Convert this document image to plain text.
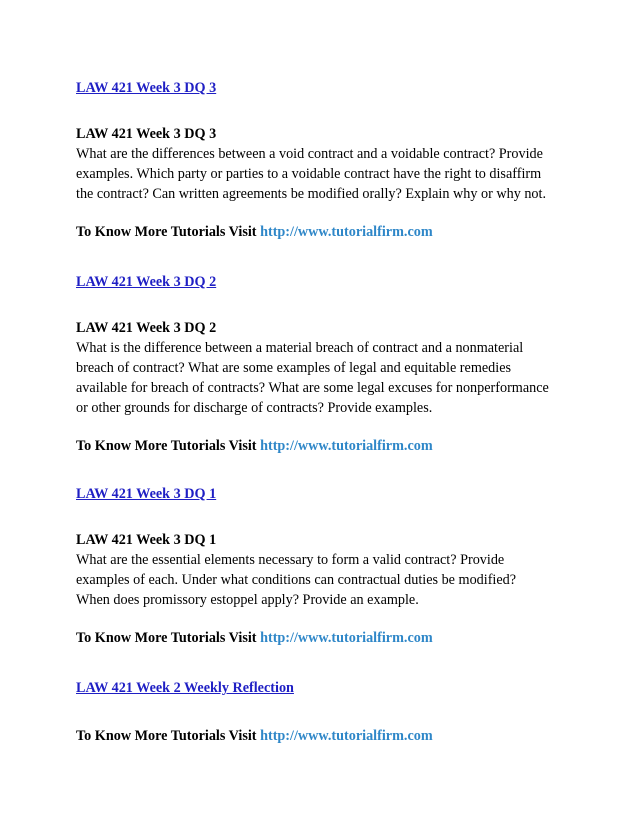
LAW 421 Week 3 DQ 3
LAW 421 Week 3 DQ 3
What are the differences between a void contract and a voidable contract? Provide
examples. Which party or parties to a voidable contract have the right to disaffirm
the contract? Can written agreements be modified orally? Explain why or why not.
To Know More Tutorials Visit http://www.tutorialfirm.com
LAW 421 Week 3 DQ 2
LAW 421 Week 3 DQ 2
What is the difference between a material breach of contract and a nonmaterial
breach of contract? What are some examples of legal and equitable remedies
available for breach of contracts? What are some legal excuses for nonperformance
or other grounds for discharge of contracts? Provide examples.
To Know More Tutorials Visit http://www.tutorialfirm.com
LAW 421 Week 3 DQ 1
LAW 421 Week 3 DQ 1
What are the essential elements necessary to form a valid contract? Provide
examples of each. Under what conditions can contractual duties be modified?
When does promissory estoppel apply? Provide an example.
To Know More Tutorials Visit http://www.tutorialfirm.com
LAW 421 Week 2 Weekly Reflection
To Know More Tutorials Visit http://www.tutorialfirm.com
